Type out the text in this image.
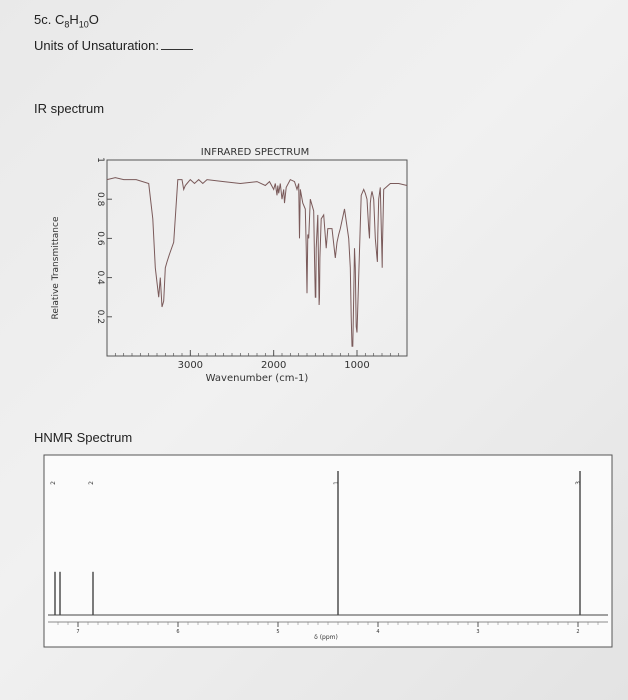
5c. $C_8H_{10}O$
Units of Unsaturation:
IR spectrum
INFRARED SPECTRUM
0.2
0.4
0.6
0.8
1
3000	2000	1000
Wavenumber (cm-1)
Relative Transmittance
HNMR Spectrum
2	2	1	3
7	6	5	4	3	2
δ (ppm)
